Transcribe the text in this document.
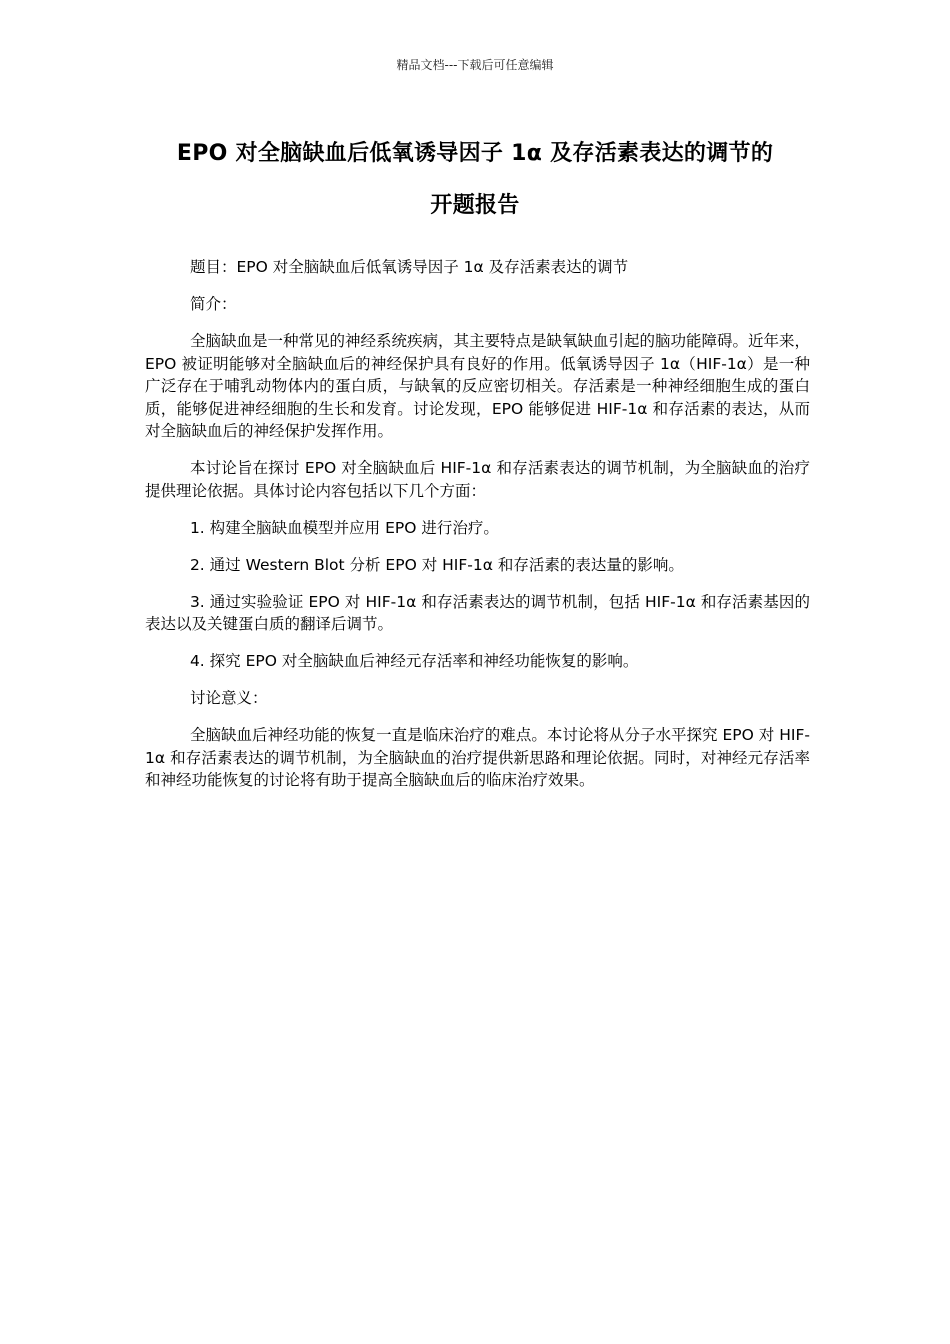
精品文档---下载后可任意编辑
EPO 对全脑缺血后低氧诱导因子 1α 及存活素表达的调节的
开题报告

题目：EPO 对全脑缺血后低氧诱导因子 1α 及存活素表达的调节

简介：

全脑缺血是一种常见的神经系统疾病，其主要特点是缺氧缺血引起的脑功能障碍。近年来，EPO 被证明能够对全脑缺血后的神经保护具有良好的作用。低氧诱导因子 1α（HIF-1α）是一种广泛存在于哺乳动物体内的蛋白质，与缺氧的反应密切相关。存活素是一种神经细胞生成的蛋白质，能够促进神经细胞的生长和发育。讨论发现，EPO 能够促进 HIF-1α 和存活素的表达，从而对全脑缺血后的神经保护发挥作用。

本讨论旨在探讨 EPO 对全脑缺血后 HIF-1α 和存活素表达的调节机制，为全脑缺血的治疗提供理论依据。具体讨论内容包括以下几个方面：

1. 构建全脑缺血模型并应用 EPO 进行治疗。

2. 通过 Western Blot 分析 EPO 对 HIF-1α 和存活素的表达量的影响。

3. 通过实验验证 EPO 对 HIF-1α 和存活素表达的调节机制，包括 HIF-1α 和存活素基因的表达以及关键蛋白质的翻译后调节。

4. 探究 EPO 对全脑缺血后神经元存活率和神经功能恢复的影响。

讨论意义：

全脑缺血后神经功能的恢复一直是临床治疗的难点。本讨论将从分子水平探究 EPO 对 HIF-1α 和存活素表达的调节机制，为全脑缺血的治疗提供新思路和理论依据。同时，对神经元存活率和神经功能恢复的讨论将有助于提高全脑缺血后的临床治疗效果。
